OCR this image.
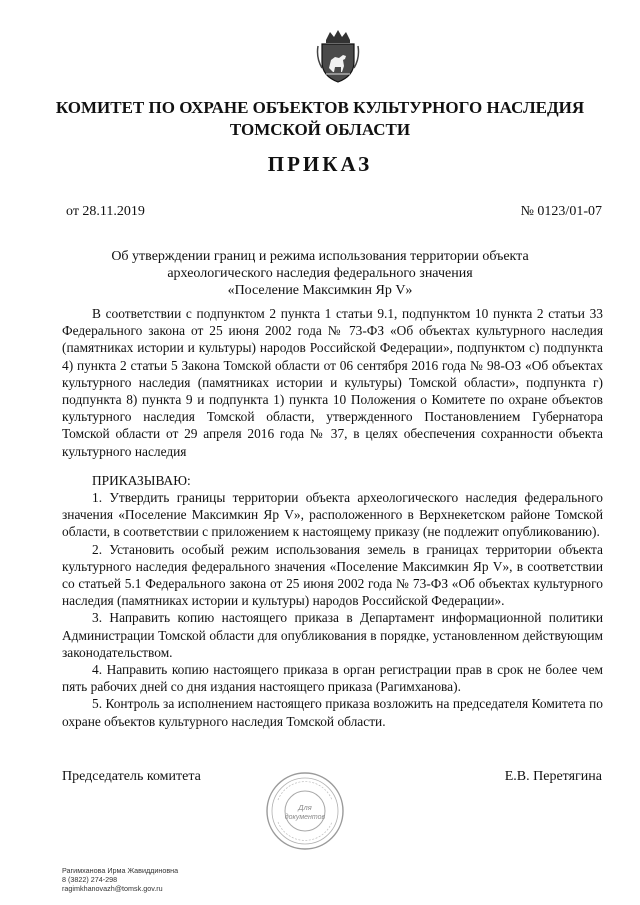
КОМИТЕТ ПО ОХРАНЕ ОБЪЕКТОВ КУЛЬТУРНОГО НАСЛЕДИЯ
ТОМСКОЙ ОБЛАСТИ
ПРИКАЗ
от 28.11.2019	№ 0123/01-07
Об утверждении границ и режима использования территории объекта
археологического наследия федерального значения
«Поселение Максимкин Яр V»

В соответствии с подпунктом 2 пункта 1 статьи 9.1, подпунктом 10 пункта 2 статьи 33 Федерального закона от 25 июня 2002 года № 73-ФЗ «Об объектах культурного наследия (памятниках истории и культуры) народов Российской Федерации», подпунктом с) подпункта 4) пункта 2 статьи 5 Закона Томской области от 06 сентября 2016 года № 98-ОЗ «Об объектах культурного наследия (памятниках истории и культуры) Томской области», подпункта г) подпункта 8) пункта 9 и подпункта 1) пункта 10 Положения о Комитете по охране объектов культурного наследия Томской области, утвержденного Постановлением Губернатора Томской области от 29 апреля 2016 года № 37, в целях обеспечения сохранности объекта культурного наследия

ПРИКАЗЫВАЮ:

1. Утвердить границы территории объекта археологического наследия федерального значения «Поселение Максимкин Яр V», расположенного в Верхнекетском районе Томской области, в соответствии с приложением к настоящему приказу (не подлежит опубликованию).

2. Установить особый режим использования земель в границах территории объекта культурного наследия федерального значения «Поселение Максимкин Яр V», в соответствии со статьей 5.1 Федерального закона от 25 июня 2002 года № 73-ФЗ «Об объектах культурного наследия (памятниках истории и культуры) народов Российской Федерации».

3. Направить копию настоящего приказа в Департамент информационной политики Администрации Томской области для опубликования в порядке, установленном действующим законодательством.

4. Направить копию настоящего приказа в орган регистрации прав в срок не более чем пять рабочих дней со дня издания настоящего приказа (Рагимханова).

5. Контроль за исполнением настоящего приказа возложить на председателя Комитета по охране объектов культурного наследия Томской области.

Председатель комитета	Е.В. Перетягина
Для
документов
Рагимханова Ирма Жавиддиновна
8 (3822) 274-298
ragimkhanovazh@tomsk.gov.ru
